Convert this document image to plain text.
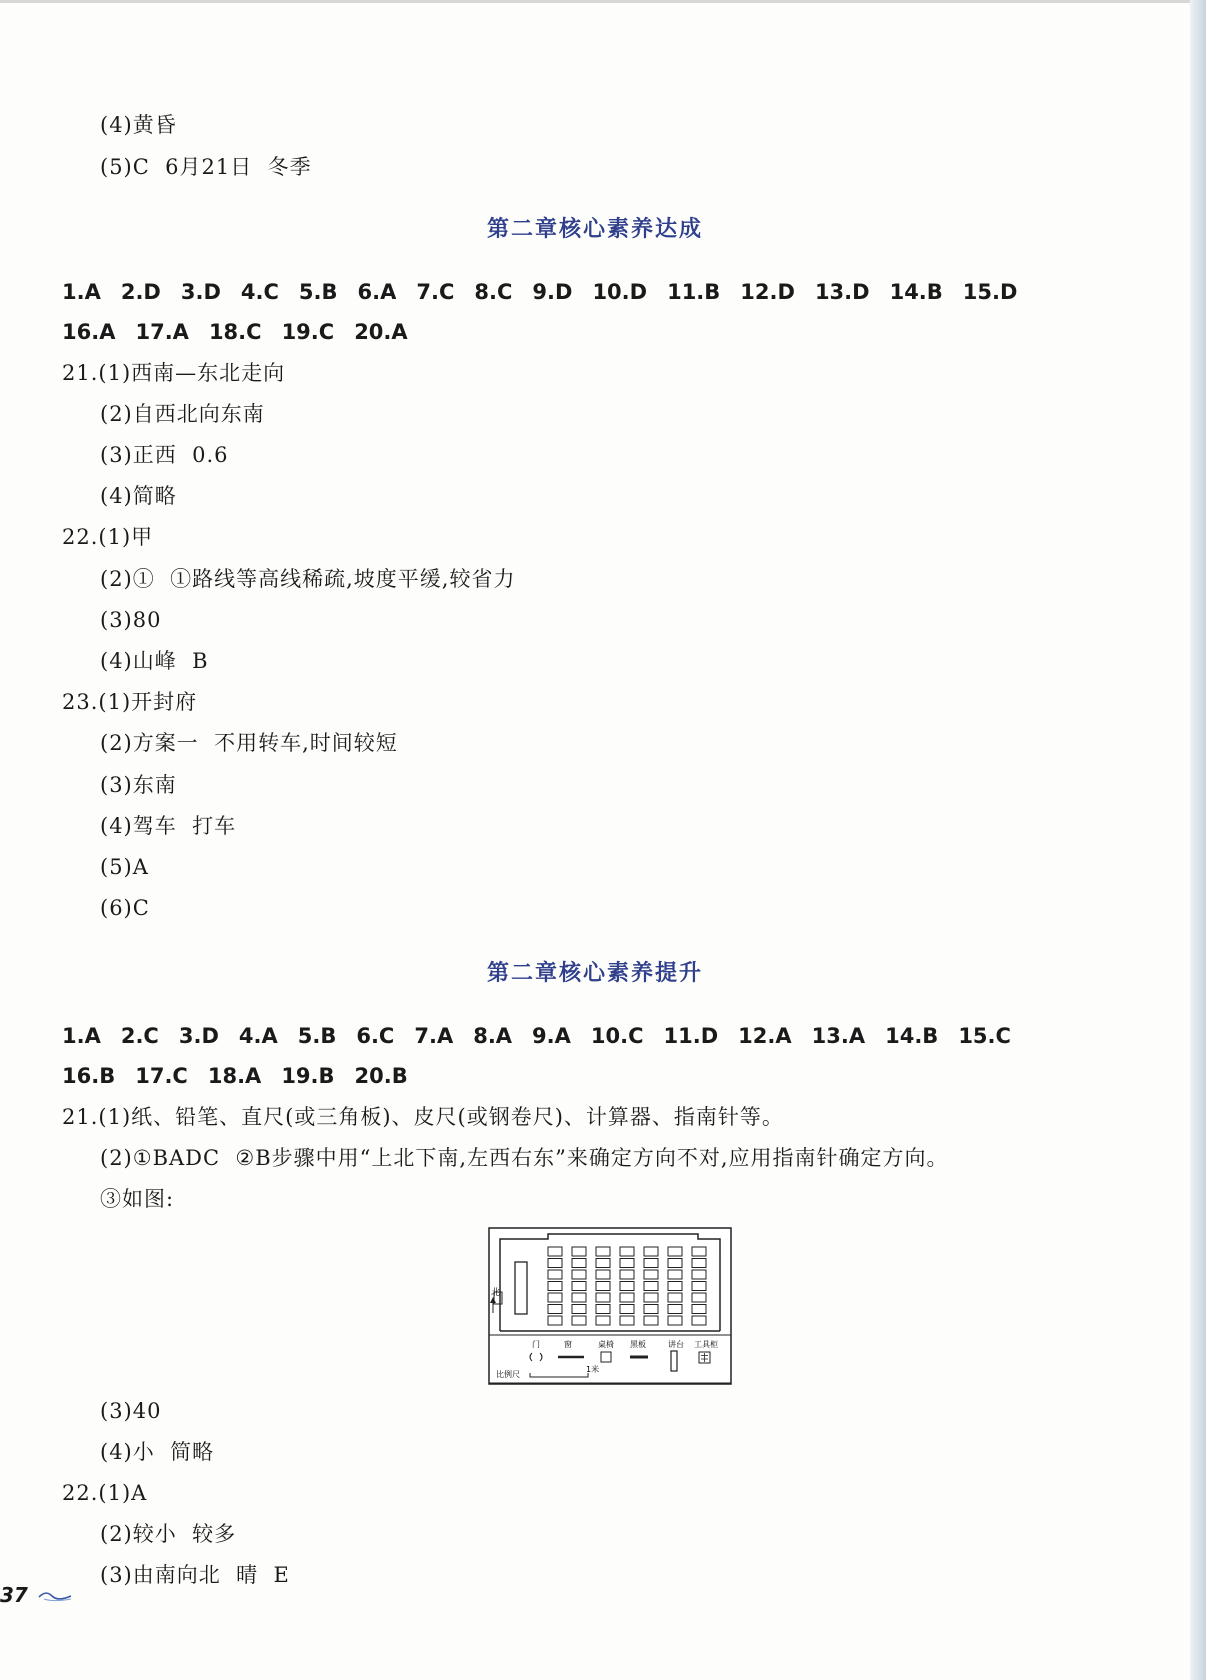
(4)黄昏
(5)C  6月21日  冬季
第二章核心素养达成
1.A 2.D 3.D 4.C 5.B 6.A 7.C 8.C 9.D 10.D 11.B 12.D 13.D 14.B 15.D
16.A 17.A 18.C 19.C 20.A
21.(1)西南—东北走向
(2)自西北向东南
(3)正西  0.6
(4)简略
22.(1)甲
(2)①  ①路线等高线稀疏,坡度平缓,较省力
(3)80
(4)山峰  B
23.(1)开封府
(2)方案一  不用转车,时间较短
(3)东南
(4)驾车  打车
(5)A
(6)C
第二章核心素养提升
1.A 2.C 3.D 4.A 5.B 6.C 7.A 8.A 9.A 10.C 11.D 12.A 13.A 14.B 15.C
16.B 17.C 18.A 19.B 20.B
21.(1)纸、铅笔、直尺(或三角板)、皮尺(或钢卷尺)、计算器、指南针等。
(2)①BADC  ②B步骤中用“上北下南,左西右东”来确定方向不对,应用指南针确定方向。
③如图:
北
门	窗	桌椅 黑板	讲台 工具柜
比例尺
1米
(3)40
(4)小  简略
22.(1)A
(2)较小  较多
(3)由南向北  晴  E
37
